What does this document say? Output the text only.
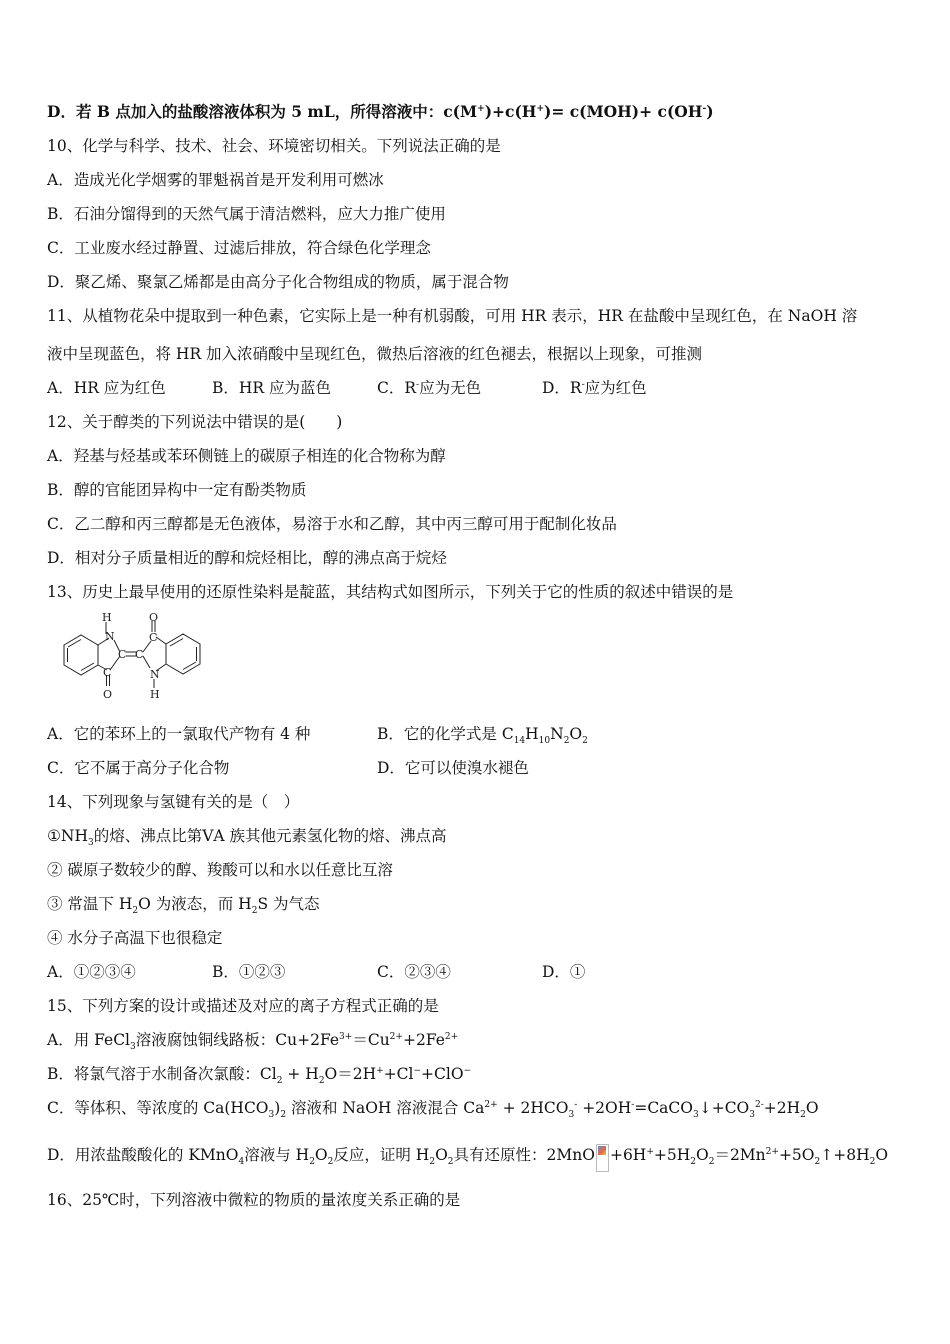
D．若 B 点加入的盐酸溶液体积为 5 mL，所得溶液中：c(M+)+c(H+)= c(MOH)+ c(OH-)
10、化学与科学、技术、社会、环境密切相关。下列说法正确的是
A．造成光化学烟雾的罪魁祸首是开发利用可燃冰
B．石油分馏得到的天然气属于清洁燃料，应大力推广使用
C．工业废水经过静置、过滤后排放，符合绿色化学理念
D．聚乙烯、聚氯乙烯都是由高分子化合物组成的物质，属于混合物
11、从植物花朵中提取到一种色素，它实际上是一种有机弱酸，可用 HR 表示，HR 在盐酸中呈现红色，在 NaOH 溶
液中呈现蓝色，将 HR 加入浓硝酸中呈现红色，微热后溶液的红色褪去，根据以上现象，可推测
A．HR 应为红色	B．HR 应为蓝色	C．R-应为无色	D．R-应为红色
12、关于醇类的下列说法中错误的是(　　)
A．羟基与烃基或苯环侧链上的碳原子相连的化合物称为醇
B．醇的官能团异构中一定有酚类物质
C．乙二醇和丙三醇都是无色液体，易溶于水和乙醇，其中丙三醇可用于配制化妆品
D．相对分子质量相近的醇和烷烃相比，醇的沸点高于烷烃
13、历史上最早使用的还原性染料是靛蓝，其结构式如图所示，下列关于它的性质的叙述中错误的是
H
N
C C
C
O
O
C
N
H
A．它的苯环上的一氯取代产物有 4 种	B．它的化学式是 $C_{14}H_{10}N_2O_2$
C．它不属于高分子化合物	D．它可以使溴水褪色
14、下列现象与氢键有关的是（　）
$①NH_3$的熔、沸点比第ⅤA 族其他元素氢化物的熔、沸点高
② 碳原子数较少的醇、羧酸可以和水以任意比互溶
③ 常温下 $H_2O$ 为液态，而 $H_2S$ 为气态
④ 水分子高温下也很稳定
A．①②③④	B．①②③	C．②③④	D．①
15、下列方案的设计或描述及对应的离子方程式正确的是
A．用 FeCl$_3$溶液腐蚀铜线路板：$Cu+2Fe^{3+}=Cu^{2+}+2Fe^{2+}$
B．将氯气溶于水制备次氯酸：$Cl_2 + H_2O=2H^++Cl^-+ClO^-$
C．等体积、等浓度的 $Ca(HCO_3)_2$ 溶液和 NaOH 溶液混合 $Ca^{2+} + 2HCO_3^-$ $+2OH^-=CaCO_3↓+CO_3^{2-}+2H_2O$
D．用浓盐酸酸化的 KMnO$_4$溶液与 $H_2O_2$反应，证明 $H_2O_2$具有还原性：$2MnO +6H^++5H_2O_2=2Mn^{2+}+5O_2↑+8H_2O$
16、25℃时，下列溶液中微粒的物质的量浓度关系正确的是
